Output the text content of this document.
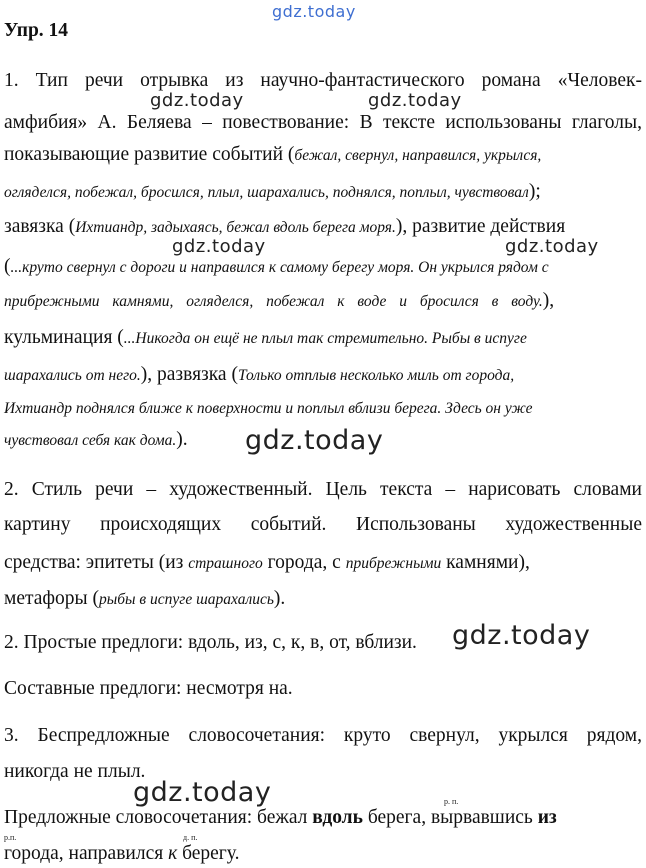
gdz.today
gdz.today	gdz.today
gdz.today	gdz.today
gdz.today
gdz.today
gdz.today
Упр. 14
1. Тип речи отрывка из научно-фантастического романа «Человек-
амфибия» А. Беляева – повествование: В тексте использованы глаголы,
показывающие развитие событий (бежал, свернул, направился, укрылся,
огляделся, побежал, бросился, плыл, шарахались, поднялся, поплыл, чувствовал);
завязка (Ихтиандр, задыхаясь, бежал вдоль берега моря.), развитие действия
(...круто свернул с дороги и направился к самому берегу моря. Он укрылся рядом с
прибрежными камнями, огляделся, побежал к воде и бросился в воду.),
кульминация (...Никогда он ещё не плыл так стремительно. Рыбы в испуге
шарахались от него.), развязка (Только отплыв несколько миль от города,
Ихтиандр поднялся ближе к поверхности и поплыл вблизи берега. Здесь он уже
чувствовал себя как дома.).
2. Стиль речи – художественный. Цель текста – нарисовать словами
картину происходящих событий. Использованы художественные
средства: эпитеты (из страшного города, с прибрежными камнями),
метафоры (рыбы в испуге шарахались).
2. Простые предлоги: вдоль, из, с, к, в, от, вблизи.
Составные предлоги: несмотря на.
3. Беспредложные словосочетания: круто свернул, укрылся рядом,
никогда не плыл.
р. п.
р.п.	д. п.
Предложные словосочетания: бежал вдоль берега, вырвавшись из
города, направился к берегу.
